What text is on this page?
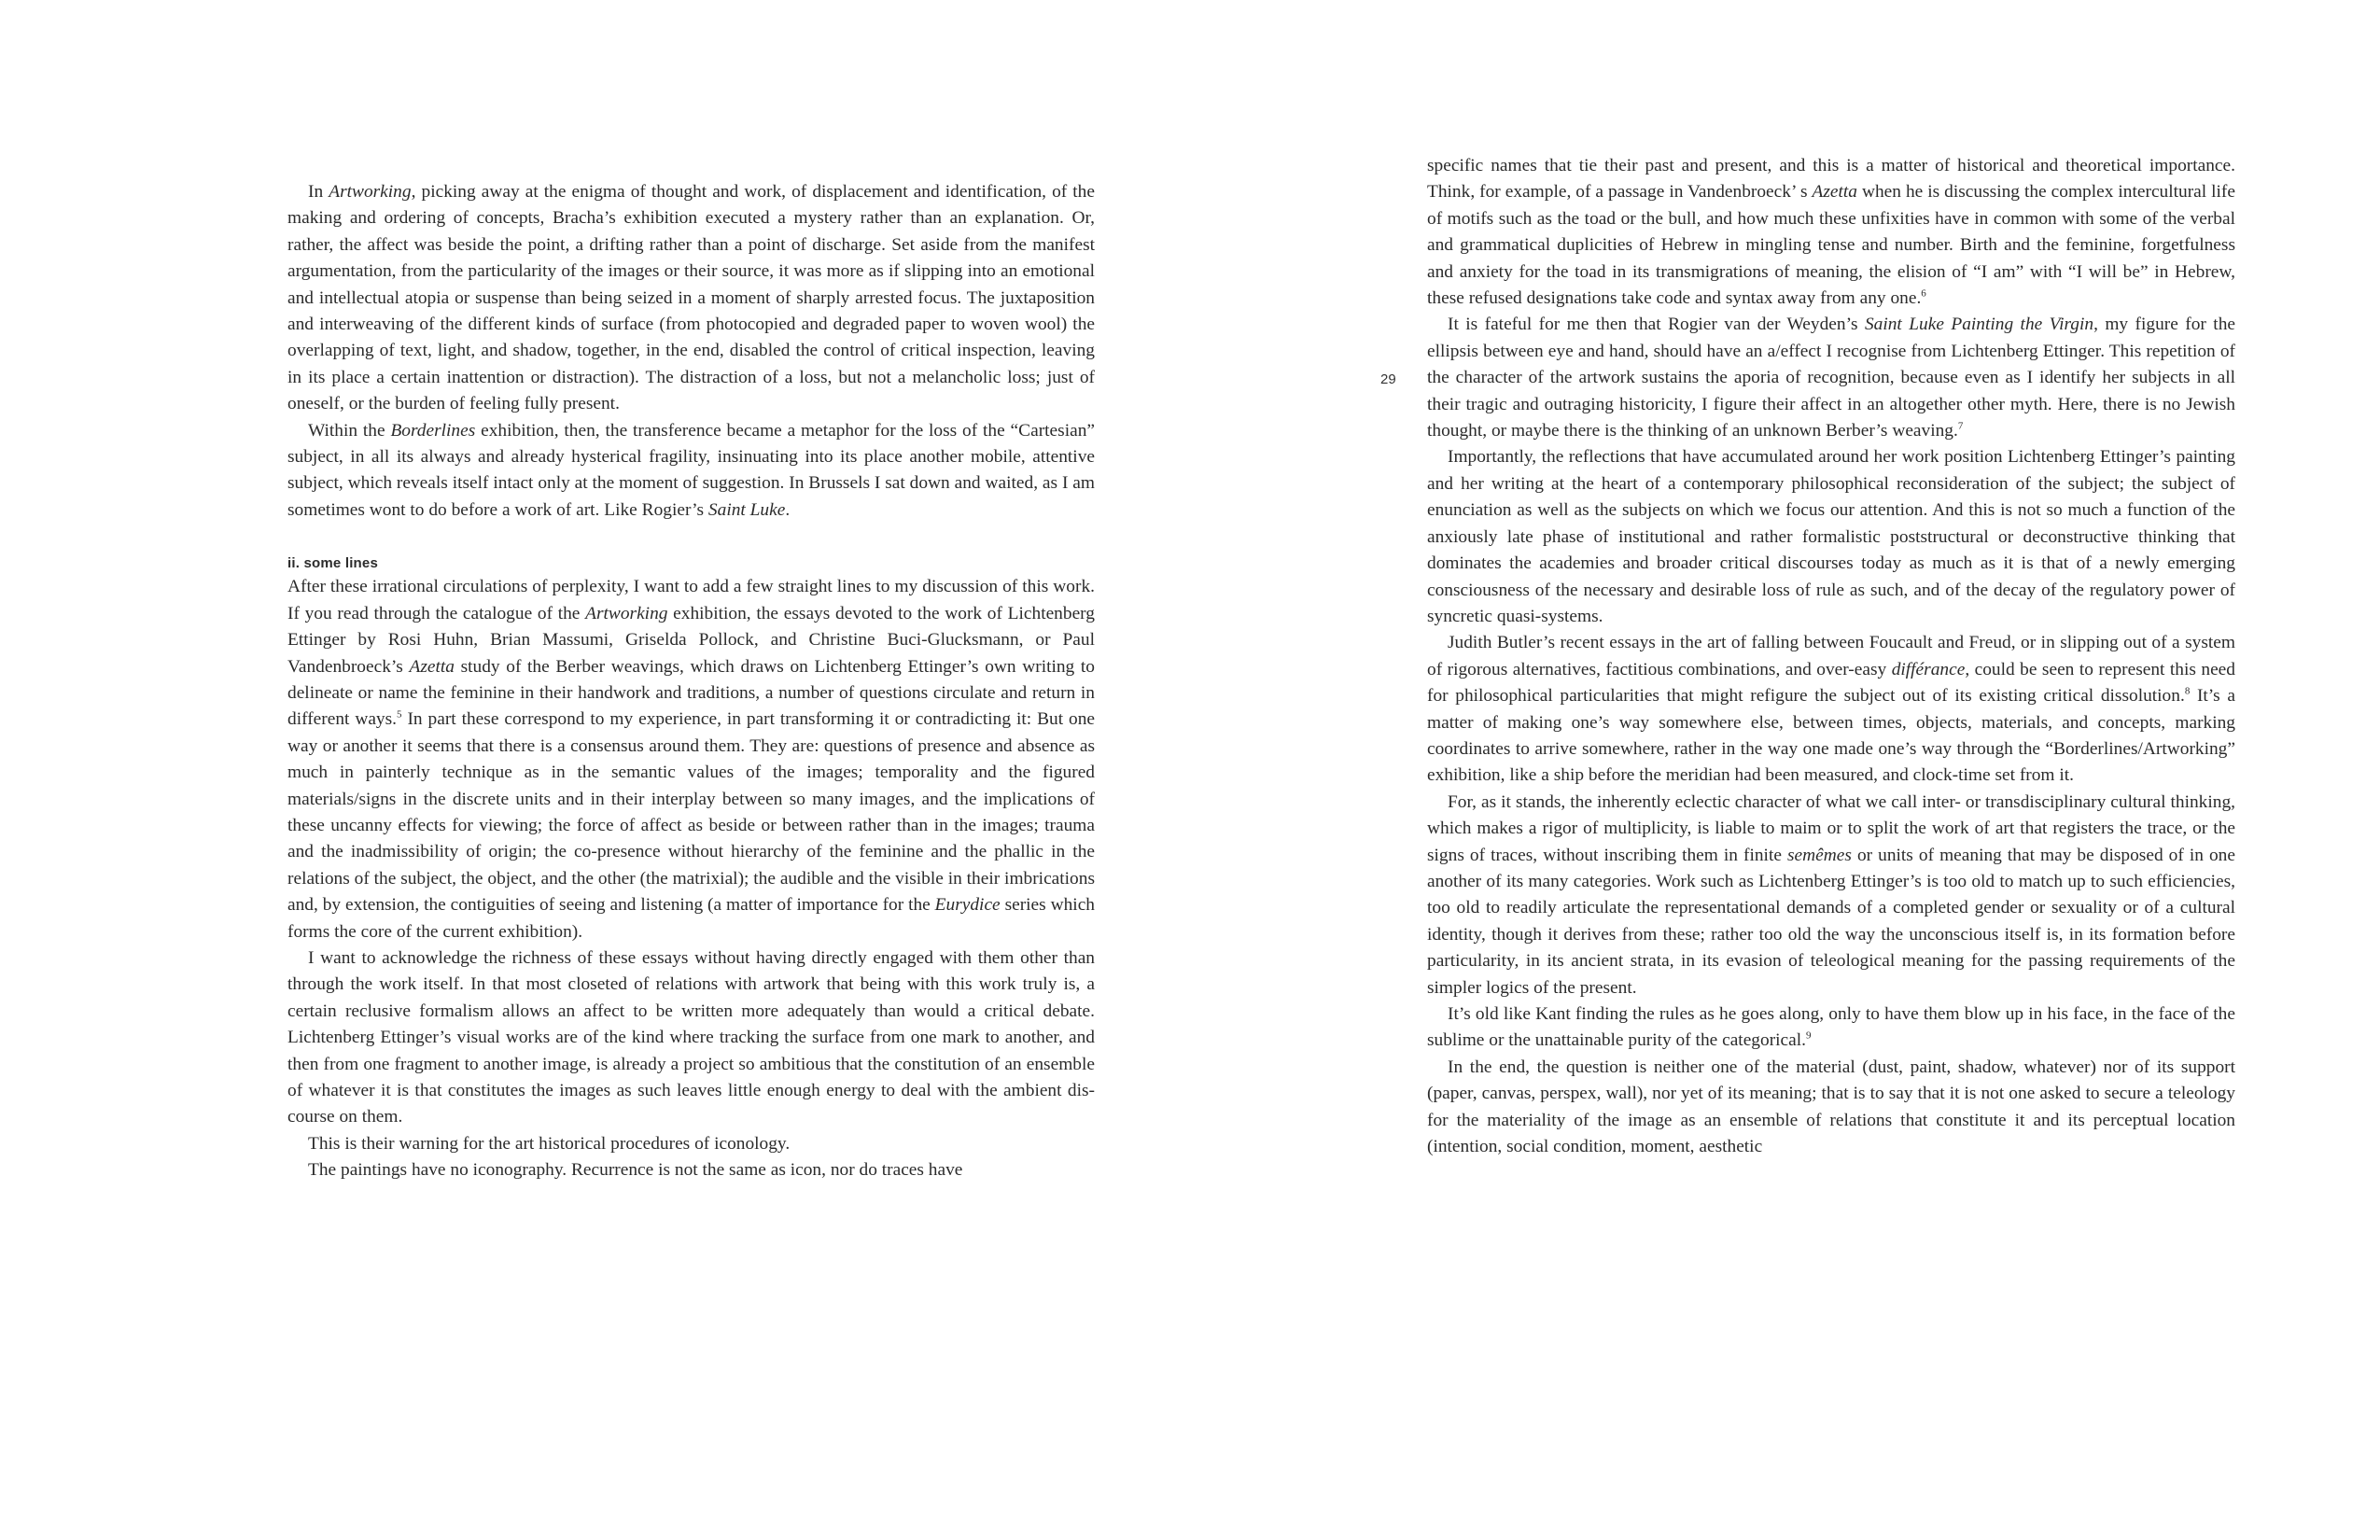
In Artworking, picking away at the enigma of thought and work, of displacement and identification, of the making and ordering of concepts, Bracha’s exhibition executed a mystery rather than an explanation. Or, rather, the affect was beside the point, a drifting rather than a point of discharge. Set aside from the manifest argumentation, from the particularity of the images or their source, it was more as if slipping into an emotional and intellectual atopia or suspense than being seized in a moment of sharply arrested focus. The juxtaposition and interweaving of the different kinds of surface (from photocopied and degraded paper to woven wool) the overlapping of text, light, and shadow, together, in the end, disabled the control of critical inspection, leaving in its place a certain inattention or distraction). The distraction of a loss, but not a melancholic loss; just of oneself, or the burden of feeling fully present.

Within the Borderlines exhibition, then, the transference became a metaphor for the loss of the “Cartesian” subject, in all its always and already hysterical fragility, insinuating into its place another mobile, attentive subject, which reveals itself intact only at the moment of suggestion. In Brussels I sat down and waited, as I am sometimes wont to do before a work of art. Like Rogier’s Saint Luke.

ii. some lines

After these irrational circulations of perplexity, I want to add a few straight lines to my discussion of this work. If you read through the catalogue of the Artworking exhibition, the essays devoted to the work of Lichtenberg Ettinger by Rosi Huhn, Brian Massumi, Griselda Pollock, and Christine Buci-Glucksmann, or Paul Vandenbroeck’s Azetta study of the Berber weavings, which draws on Lichtenberg Ettinger’s own writing to delineate or name the feminine in their handwork and traditions, a number of questions circulate and return in different ways.$^5$ In part these correspond to my experience, in part transforming it or contradicting it: But one way or another it seems that there is a consensus around them. They are: questions of presence and absence as much in painterly technique as in the semantic values of the images; temporality and the figured materials/signs in the discrete units and in their interplay between so many images, and the implications of these uncanny effects for viewing; the force of affect as beside or between rather than in the images; trauma and the inadmissibility of origin; the co-presence without hierarchy of the feminine and the phallic in the relations of the subject, the object, and the other (the matrixial); the audible and the visible in their imbrications and, by extension, the contiguities of seeing and listening (a matter of importance for the Eurydice series which forms the core of the current exhibition).

I want to acknowledge the richness of these essays without having directly engaged with them other than through the work itself. In that most closeted of relations with artwork that being with this work truly is, a certain reclusive formalism allows an affect to be written more adequately than would a critical debate. Lichtenberg Ettinger’s visual works are of the kind where tracking the surface from one mark to another, and then from one fragment to another image, is already a project so ambitious that the constitution of an ensemble of whatever it is that constitutes the images as such leaves little enough energy to deal with the ambient discourse on them.

This is their warning for the art historical procedures of iconology.

The paintings have no iconography. Recurrence is not the same as icon, nor do traces have

29

specific names that tie their past and present, and this is a matter of historical and theoretical importance. Think, for example, of a passage in Vandenbroeck’ s Azetta when he is discussing the complex intercultural life of motifs such as the toad or the bull, and how much these unfixities have in common with some of the verbal and grammatical duplicities of Hebrew in mingling tense and number. Birth and the feminine, forgetfulness and anxiety for the toad in its transmigrations of meaning, the elision of “I am” with “I will be” in Hebrew, these refused designations take code and syntax away from any one.$^6$

It is fateful for me then that Rogier van der Weyden’s Saint Luke Painting the Virgin, my figure for the ellipsis between eye and hand, should have an a/effect I recognise from Lichtenberg Ettinger. This repetition of the character of the artwork sustains the aporia of recognition, because even as I identify her subjects in all their tragic and outraging historicity, I figure their affect in an altogether other myth. Here, there is no Jewish thought, or maybe there is the thinking of an unknown Berber’s weaving.$^7$

Importantly, the reflections that have accumulated around her work position Lichtenberg Ettinger’s painting and her writing at the heart of a contemporary philosophical reconsideration of the subject; the subject of enunciation as well as the subjects on which we focus our attention. And this is not so much a function of the anxiously late phase of institutional and rather formalistic poststructural or deconstructive thinking that dominates the academies and broader critical discourses today as much as it is that of a newly emerging consciousness of the necessary and desirable loss of rule as such, and of the decay of the regulatory power of syncretic quasi-systems.

Judith Butler’s recent essays in the art of falling between Foucault and Freud, or in slipping out of a system of rigorous alternatives, factitious combinations, and over-easy différance, could be seen to represent this need for philosophical particularities that might refigure the subject out of its existing critical dissolution.$^8$ It’s a matter of making one’s way somewhere else, between times, objects, materials, and concepts, marking coordinates to arrive somewhere, rather in the way one made one’s way through the “Borderlines/Artworking” exhibition, like a ship before the meridian had been measured, and clock-time set from it.

For, as it stands, the inherently eclectic character of what we call inter- or transdisciplinary cultural thinking, which makes a rigor of multiplicity, is liable to maim or to split the work of art that registers the trace, or the signs of traces, without inscribing them in finite semêmes or units of meaning that may be disposed of in one another of its many categories. Work such as Lichtenberg Ettinger’s is too old to match up to such efficiencies, too old to readily articulate the representational demands of a completed gender or sexuality or of a cultural identity, though it derives from these; rather too old the way the unconscious itself is, in its formation before particularity, in its ancient strata, in its evasion of teleological meaning for the passing requirements of the simpler logics of the present.

It’s old like Kant finding the rules as he goes along, only to have them blow up in his face, in the face of the sublime or the unattainable purity of the categorical.$^9$

In the end, the question is neither one of the material (dust, paint, shadow, whatever) nor of its support (paper, canvas, perspex, wall), nor yet of its meaning; that is to say that it is not one asked to secure a teleology for the materiality of the image as an ensemble of relations that constitute it and its perceptual location (intention, social condition, moment, aesthetic
